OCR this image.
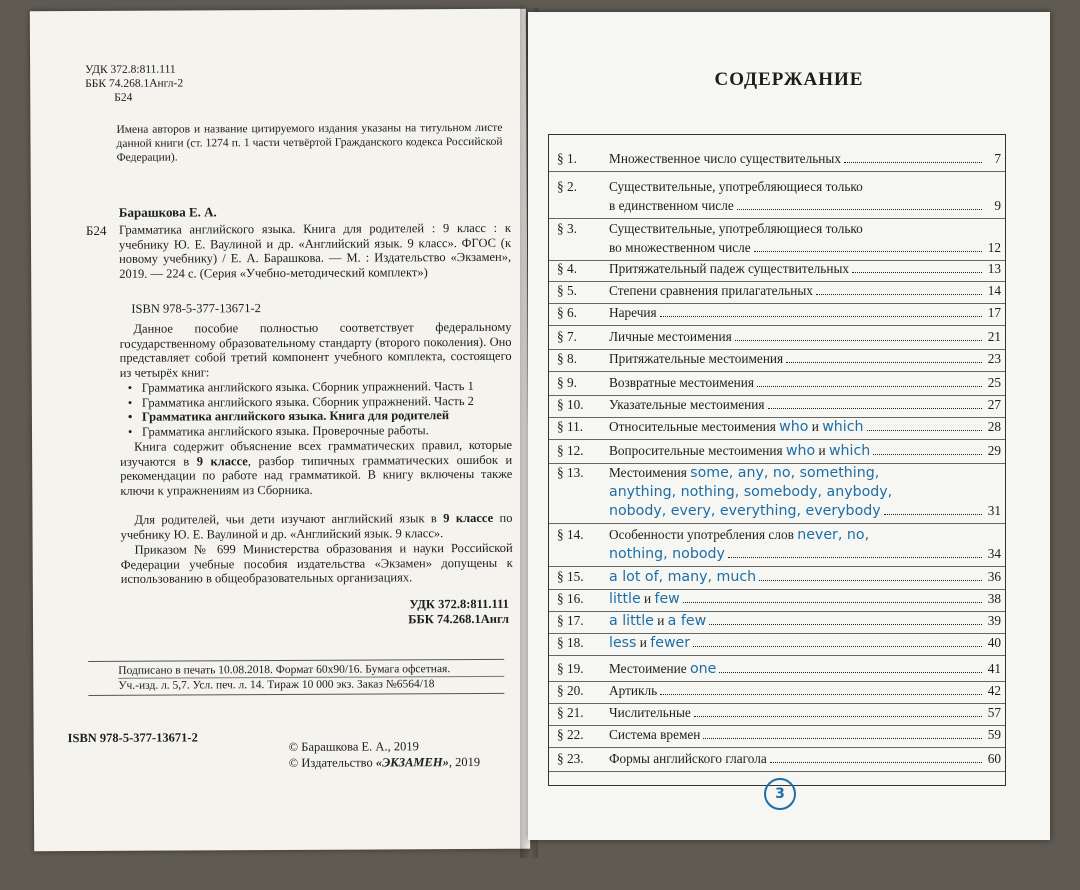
УДК 372.8:811.111
ББК 74.268.1Англ-2
Б24
Имена авторов и название цитируемого издания указаны на титульном листе данной книги (ст. 1274 п. 1 части четвёртой Гражданского кодекса Российской Федерации).
Барашкова Е. А.
Б24 Грамматика английского языка. Книга для родителей : 9 класс : к учебнику Ю. Е. Ваулиной и др. «Английский язык. 9 класс». ФГОС (к новому учебнику) / Е. А. Барашкова. — М. : Издательство «Экзамен», 2019. — 224 с. (Серия «Учебно-методический комплект»)
ISBN 978-5-377-13671-2
Данное пособие полностью соответствует федеральному государственному образовательному стандарту (второго поколения). Оно представляет собой третий компонент учебного комплекта, состоящего из четырёх книг:
• Грамматика английского языка. Сборник упражнений. Часть 1
• Грамматика английского языка. Сборник упражнений. Часть 2
• Грамматика английского языка. Книга для родителей
• Грамматика английского языка. Проверочные работы.
Книга содержит объяснение всех грамматических правил, которые изучаются в 9 классе, разбор типичных грамматических ошибок и рекомендации по работе над грамматикой. В книгу включены также ключи к упражнениям из Сборника.
Для родителей, чьи дети изучают английский язык в 9 классе по учебнику Ю. Е. Ваулиной и др. «Английский язык. 9 класс».
Приказом № 699 Министерства образования и науки Российской Федерации учебные пособия издательства «Экзамен» допущены к использованию в общеобразовательных организациях.
УДК 372.8:811.111
ББК 74.268.1Англ
Подписано в печать 10.08.2018. Формат 60x90/16. Бумага офсетная.
Уч.-изд. л. 5,7. Усл. печ. л. 14. Тираж 10 000 экз. Заказ №6564/18
ISBN 978-5-377-13671-2
© Барашкова Е. А., 2019
© Издательство «ЭКЗАМЕН», 2019
СОДЕРЖАНИЕ
§ 1. Множественное число существительных	7
§ 2. Существительные, употребляющиеся только
в единственном числе	9
§ 3. Существительные, употребляющиеся только
во множественном числе	12
§ 4. Притяжательный падеж существительных	13
§ 5. Степени сравнения прилагательных	14
§ 6. Наречия	17
§ 7. Личные местоимения	21
§ 8. Притяжательные местоимения	23
§ 9. Возвратные местоимения	25
§ 10. Указательные местоимения	27
§ 11. Относительные местоимения who и which	28
§ 12. Вопросительные местоимения who и which	29
§ 13. Местоимения some, any, no, something,
anything, nothing, somebody, anybody,
nobody, every, everything, everybody	31
§ 14. Особенности употребления слов never, no,
nothing, nobody	34
§ 15. a lot of, many, much	36
§ 16. little и few	38
§ 17. a little и a few	39
§ 18. less и fewer	40
§ 19. Местоимение one	41
§ 20. Артикль	42
§ 21. Числительные	57
§ 22. Система времен	59
§ 23. Формы английского глагола	60
3
